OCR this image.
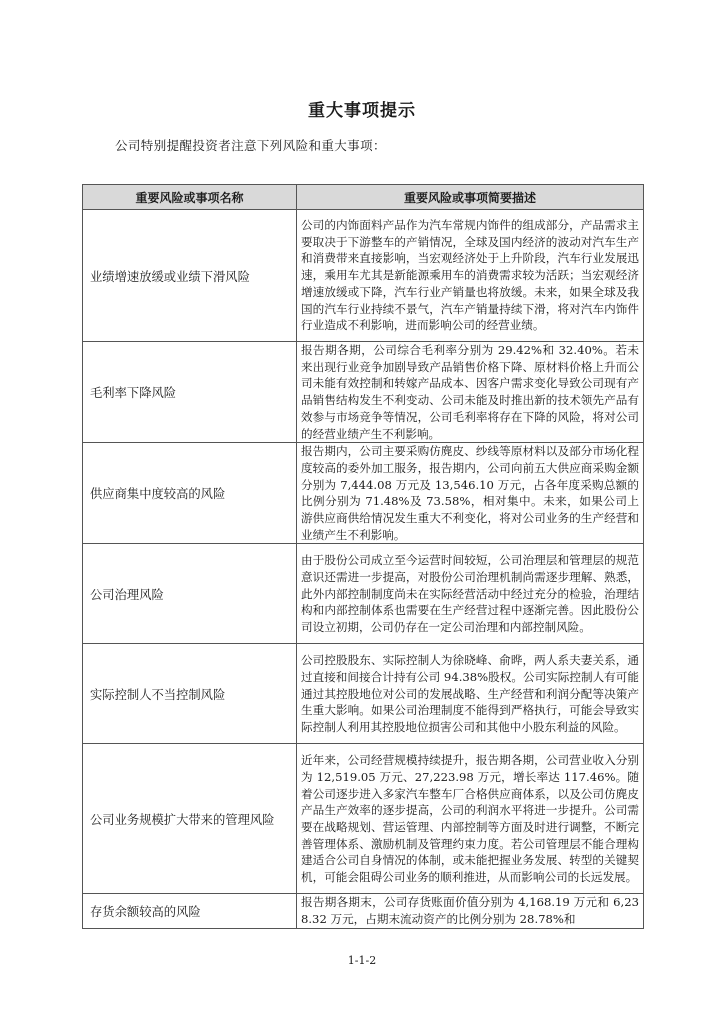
重大事项提示
公司特别提醒投资者注意下列风险和重大事项：
重要风险或事项名称	重要风险或事项简要描述
业绩增速放缓或业绩下滑风险	公司的内饰面料产品作为汽车常规内饰件的组成部分，产品需求主要取决于下游整车的产销情况，全球及国内经济的波动对汽车生产和消费带来直接影响，当宏观经济处于上升阶段，汽车行业发展迅速，乘用车尤其是新能源乘用车的消费需求较为活跃；当宏观经济增速放缓或下降，汽车行业产销量也将放缓。未来，如果全球及我国的汽车行业持续不景气，汽车产销量持续下滑，将对汽车内饰件行业造成不利影响，进而影响公司的经营业绩。
毛利率下降风险	报告期各期，公司综合毛利率分别为 29.42%和 32.40%。若未来出现行业竞争加剧导致产品销售价格下降、原材料价格上升而公司未能有效控制和转嫁产品成本、因客户需求变化导致公司现有产品销售结构发生不利变动、公司未能及时推出新的技术领先产品有效参与市场竞争等情况，公司毛利率将存在下降的风险，将对公司的经营业绩产生不利影响。
供应商集中度较高的风险	报告期内，公司主要采购仿麂皮、纱线等原材料以及部分市场化程度较高的委外加工服务，报告期内，公司向前五大供应商采购金额分别为 7,444.08 万元及 13,546.10 万元，占各年度采购总额的比例分别为 71.48%及 73.58%，相对集中。未来，如果公司上游供应商供给情况发生重大不利变化，将对公司业务的生产经营和业绩产生不利影响。
公司治理风险	由于股份公司成立至今运营时间较短，公司治理层和管理层的规范意识还需进一步提高，对股份公司治理机制尚需逐步理解、熟悉，此外内部控制制度尚未在实际经营活动中经过充分的检验，治理结构和内部控制体系也需要在生产经营过程中逐渐完善。因此股份公司设立初期，公司仍存在一定公司治理和内部控制风险。
实际控制人不当控制风险	公司控股股东、实际控制人为徐晓峰、俞晔，两人系夫妻关系，通过直接和间接合计持有公司 94.38%股权。公司实际控制人有可能通过其控股地位对公司的发展战略、生产经营和利润分配等决策产生重大影响。如果公司治理制度不能得到严格执行，可能会导致实际控制人利用其控股地位损害公司和其他中小股东利益的风险。
公司业务规模扩大带来的管理风险	近年来，公司经营规模持续提升，报告期各期，公司营业收入分别为 12,519.05 万元、27,223.98 万元，增长率达 117.46%。随着公司逐步进入多家汽车整车厂合格供应商体系，以及公司仿麂皮产品生产效率的逐步提高，公司的利润水平将进一步提升。公司需要在战略规划、营运管理、内部控制等方面及时进行调整，不断完善管理体系、激励机制及管理约束力度。若公司管理层不能合理构建适合公司自身情况的体制，或未能把握业务发展、转型的关键契机，可能会阻碍公司业务的顺利推进，从而影响公司的长远发展。
存货余额较高的风险	报告期各期末，公司存货账面价值分别为 4,168.19 万元和 6,238.32 万元，占期末流动资产的比例分别为 28.78%和
1-1-2
